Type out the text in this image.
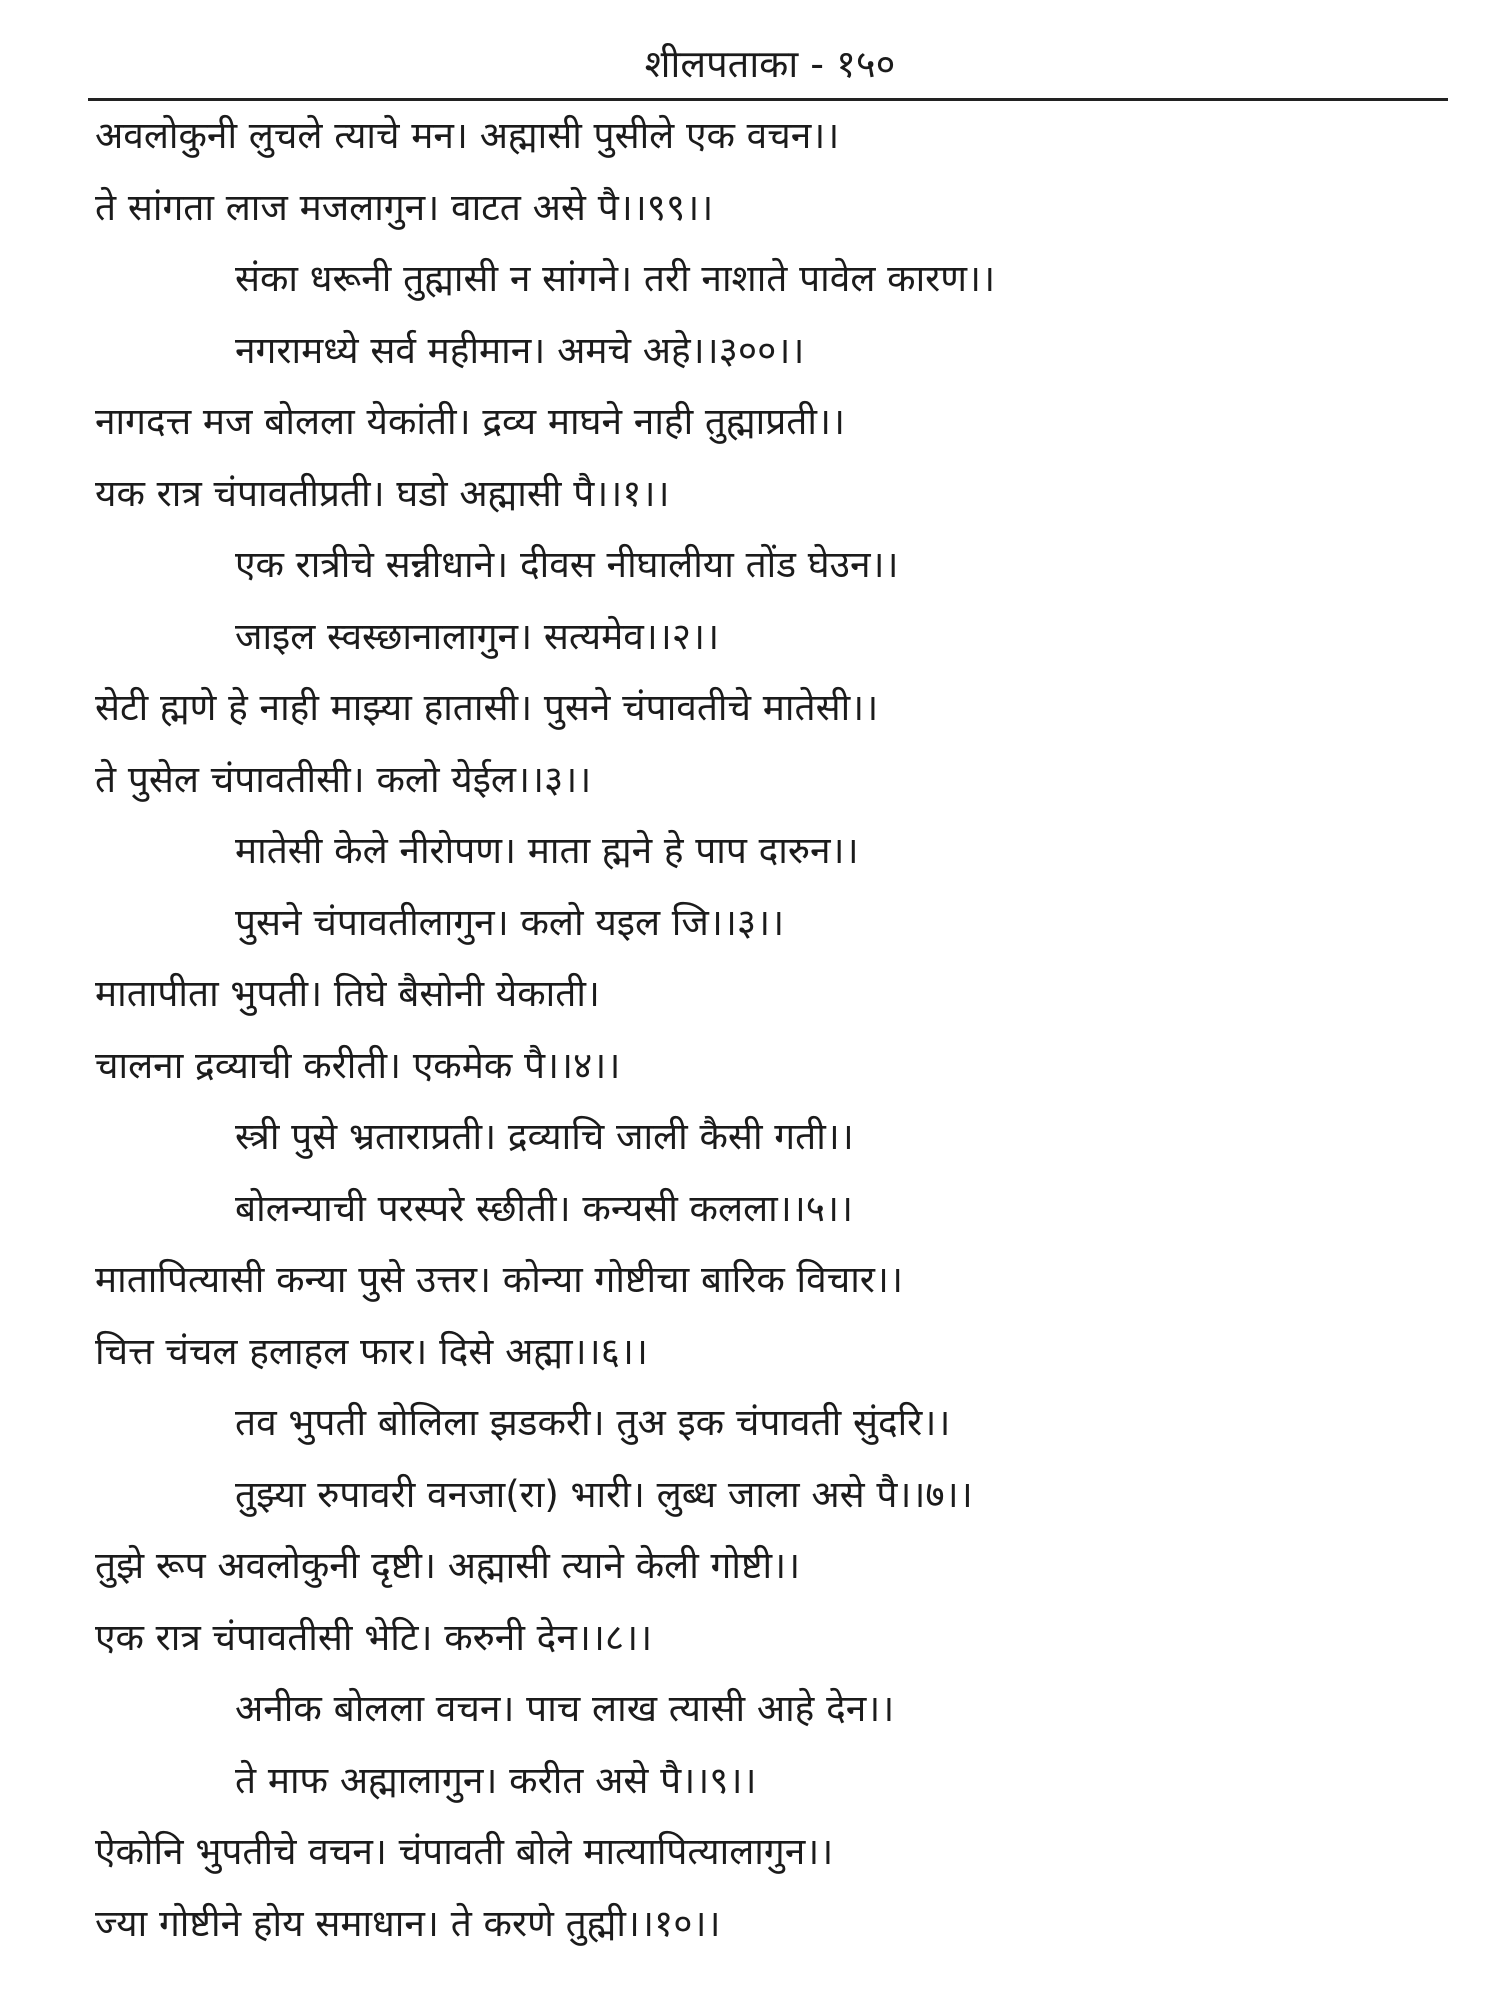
शीलपताका - १५०
अवलोकुनी लुचले त्याचे मन। अह्मासी पुसीले एक वचन।।
ते सांगता लाज मजलागुन। वाटत असे पै।।९९।।
संका धरूनी तुह्मासी न सांगने। तरी नाशाते पावेल कारण।।
नगरामध्ये सर्व महीमान। अमचे अहे।।३००।।
नागदत्त मज बोलला येकांती। द्रव्य माघने नाही तुह्माप्रती।।
यक रात्र चंपावतीप्रती। घडो अह्मासी पै।।१।।
एक रात्रीचे सन्नीधाने। दीवस नीघालीया तोंड घेउन।।
जाइल स्वस्छानालागुन। सत्यमेव।।२।।
सेटी ह्मणे हे नाही माझ्या हातासी। पुसने चंपावतीचे मातेसी।।
ते पुसेल चंपावतीसी। कलो येईल।।३।।
मातेसी केले नीरोपण। माता ह्मने हे पाप दारुन।।
पुसने चंपावतीलागुन। कलो यइल जि।।३।।
मातापीता भुपती। तिघे बैसोनी येकाती।
चालना द्रव्याची करीती। एकमेक पै।।४।।
स्त्री पुसे भ्रताराप्रती। द्रव्याचि जाली कैसी गती।।
बोलन्याची परस्परे स्छीती। कन्यसी कलला।।५।।
मातापित्यासी कन्या पुसे उत्तर। कोन्या गोष्टीचा बारिक विचार।।
चित्त चंचल हलाहल फार। दिसे अह्मा।।६।।
तव भुपती बोलिला झडकरी। तुअ इक चंपावती सुंदरि।।
तुझ्या रुपावरी वनजा(रा) भारी। लुब्ध जाला असे पै।।७।।
तुझे रूप अवलोकुनी दृष्टी। अह्मासी त्याने केली गोष्टी।।
एक रात्र चंपावतीसी भेटि। करुनी देन।।८।।
अनीक बोलला वचन। पाच लाख त्यासी आहे देन।।
ते माफ अह्मालागुन। करीत असे पै।।९।।
ऐकोनि भुपतीचे वचन। चंपावती बोले मात्यापित्यालागुन।।
ज्या गोष्टीने होय समाधान। ते करणे तुह्मी।।१०।।
